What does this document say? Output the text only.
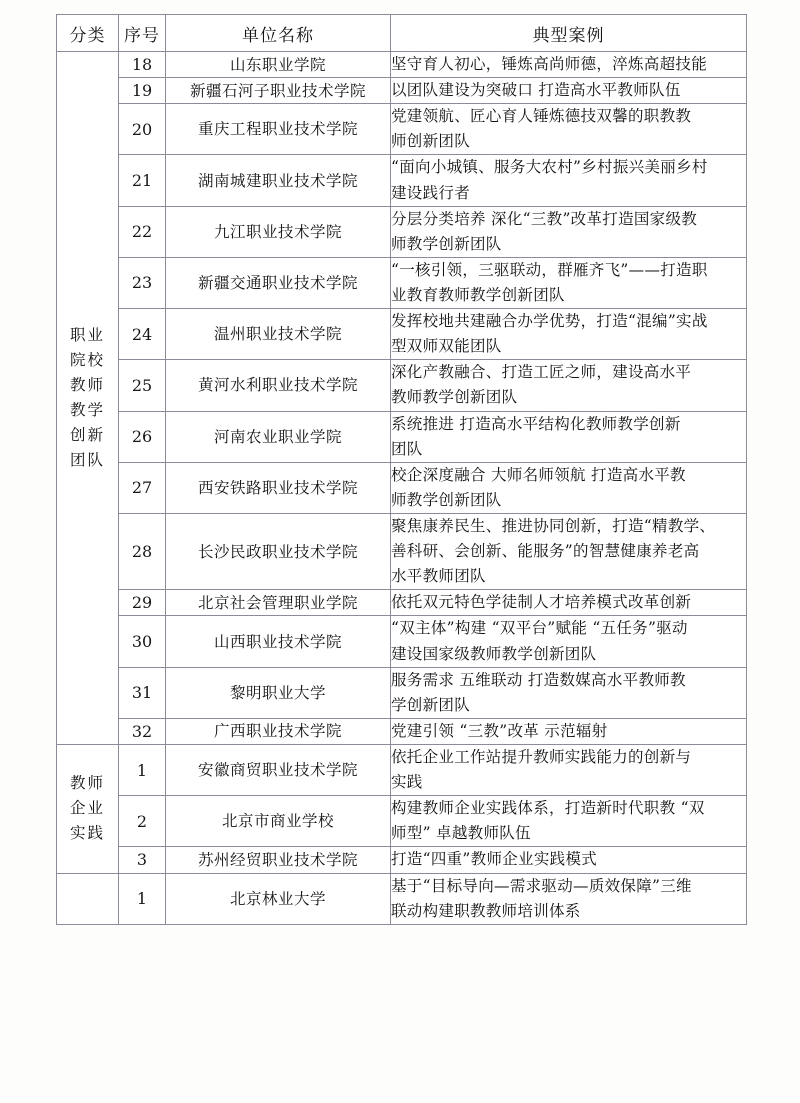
分类	序号	单位名称	典型案例

职业
院校
教师
教学
创新
团队
	18	山东职业学院	坚守育人初心，锤炼高尚师德，淬炼高超技能

	19	新疆石河子职业技术学院	以团队建设为突破口 打造高水平教师队伍

	20	重庆工程职业技术学院	党建领航、匠心育人锤炼德技双馨的职教教
师创新团队

	21	湖南城建职业技术学院	“面向小城镇、服务大农村”乡村振兴美丽乡村
建设践行者

	22	九江职业技术学院	分层分类培养 深化“三教”改革打造国家级教
师教学创新团队

	23	新疆交通职业技术学院	“一核引领，三驱联动，群雁齐飞”——打造职
业教育教师教学创新团队

	24	温州职业技术学院	发挥校地共建融合办学优势，打造“混编”实战
型双师双能团队

	25	黄河水利职业技术学院	深化产教融合、打造工匠之师，建设高水平
教师教学创新团队

	26	河南农业职业学院	系统推进 打造高水平结构化教师教学创新
团队

	27	西安铁路职业技术学院	校企深度融合 大师名师领航 打造高水平教
师教学创新团队

	28	长沙民政职业技术学院	聚焦康养民生、推进协同创新，打造“精教学、
善科研、会创新、能服务”的智慧健康养老高
水平教师团队

	29	北京社会管理职业学院	依托双元特色学徒制人才培养模式改革创新

	30	山西职业技术学院	“双主体”构建 “双平台”赋能 “五任务”驱动
建设国家级教师教学创新团队

	31	黎明职业大学	服务需求 五维联动 打造数媒高水平教师教
学创新团队

	32	广西职业技术学院	党建引领 “三教”改革 示范辐射

教师
企业
实践	1	安徽商贸职业技术学院	依托企业工作站提升教师实践能力的创新与
实践

	2	北京市商业学校	构建教师企业实践体系，打造新时代职教 “双
师型” 卓越教师队伍

	3	苏州经贸职业技术学院	打造“四重”教师企业实践模式

	1	北京林业大学	基于“目标导向—需求驱动—质效保障”三维
联动构建职教教师培训体系
